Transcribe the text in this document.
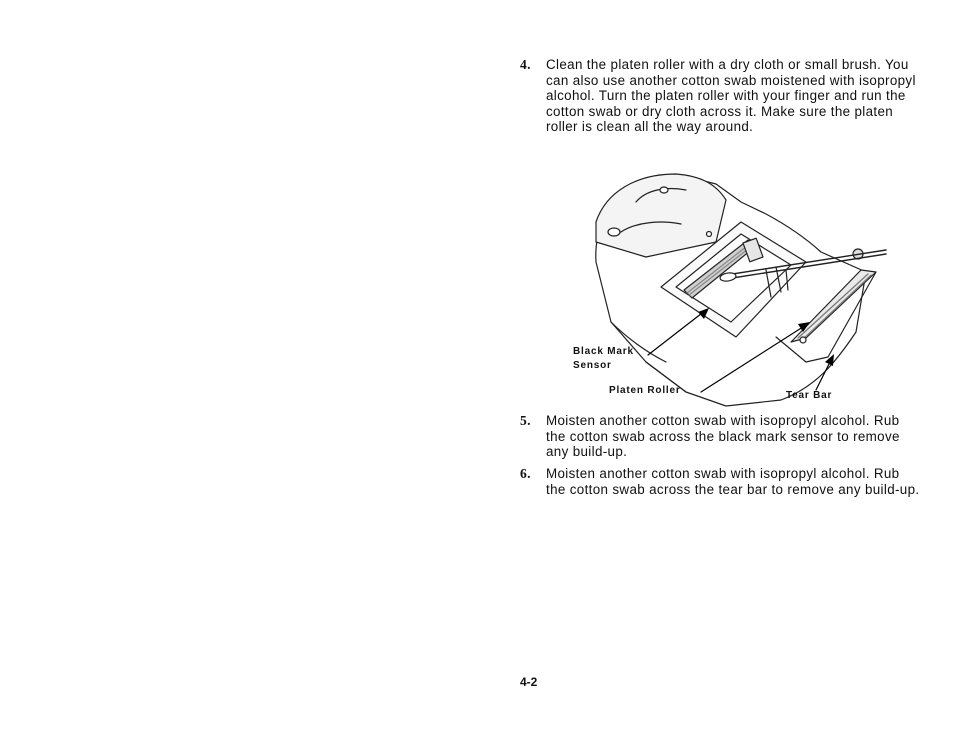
4. Clean the platen roller with a dry cloth or small brush. You can also use another cotton swab moistened with isopropyl alcohol. Turn the platen roller with your finger and run the cotton swab or dry cloth across it. Make sure the platen roller is clean all the way around.
Black Mark
Sensor
Platen Roller	Tear Bar
5. Moisten another cotton swab with isopropyl alcohol. Rub the cotton swab across the black mark sensor to remove any build-up.
6. Moisten another cotton swab with isopropyl alcohol. Rub the cotton swab across the tear bar to remove any build-up.
4-2
